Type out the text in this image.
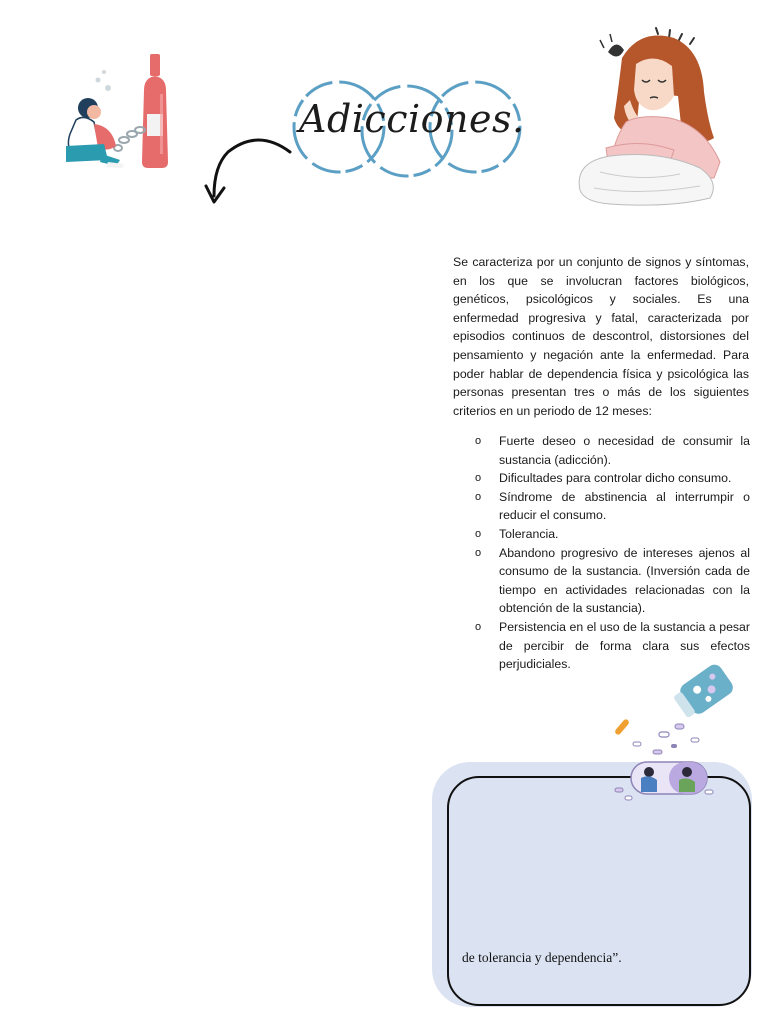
Adicciones.

Se caracteriza por un conjunto de signos y síntomas, en los que se involucran factores biológicos, genéticos, psicológicos y sociales. Es una enfermedad progresiva y fatal, caracterizada por episodios continuos de descontrol, distorsiones del pensamiento y negación ante la enfermedad. Para poder hablar de dependencia física y psicológica las personas presentan tres o más de los siguientes criterios en un periodo de 12 meses:

o Fuerte deseo o necesidad de consumir la sustancia (adicción).
o Dificultades para controlar dicho consumo.
o Síndrome de abstinencia al interrumpir o reducir el consumo.
o Tolerancia.
o Abandono progresivo de intereses ajenos al consumo de la sustancia. (Inversión cada de tiempo en actividades relacionadas con la obtención de la sustancia).
o Persistencia en el uso de la sustancia a pesar de percibir de forma clara sus efectos perjudiciales.
de tolerancia y dependencia”.
